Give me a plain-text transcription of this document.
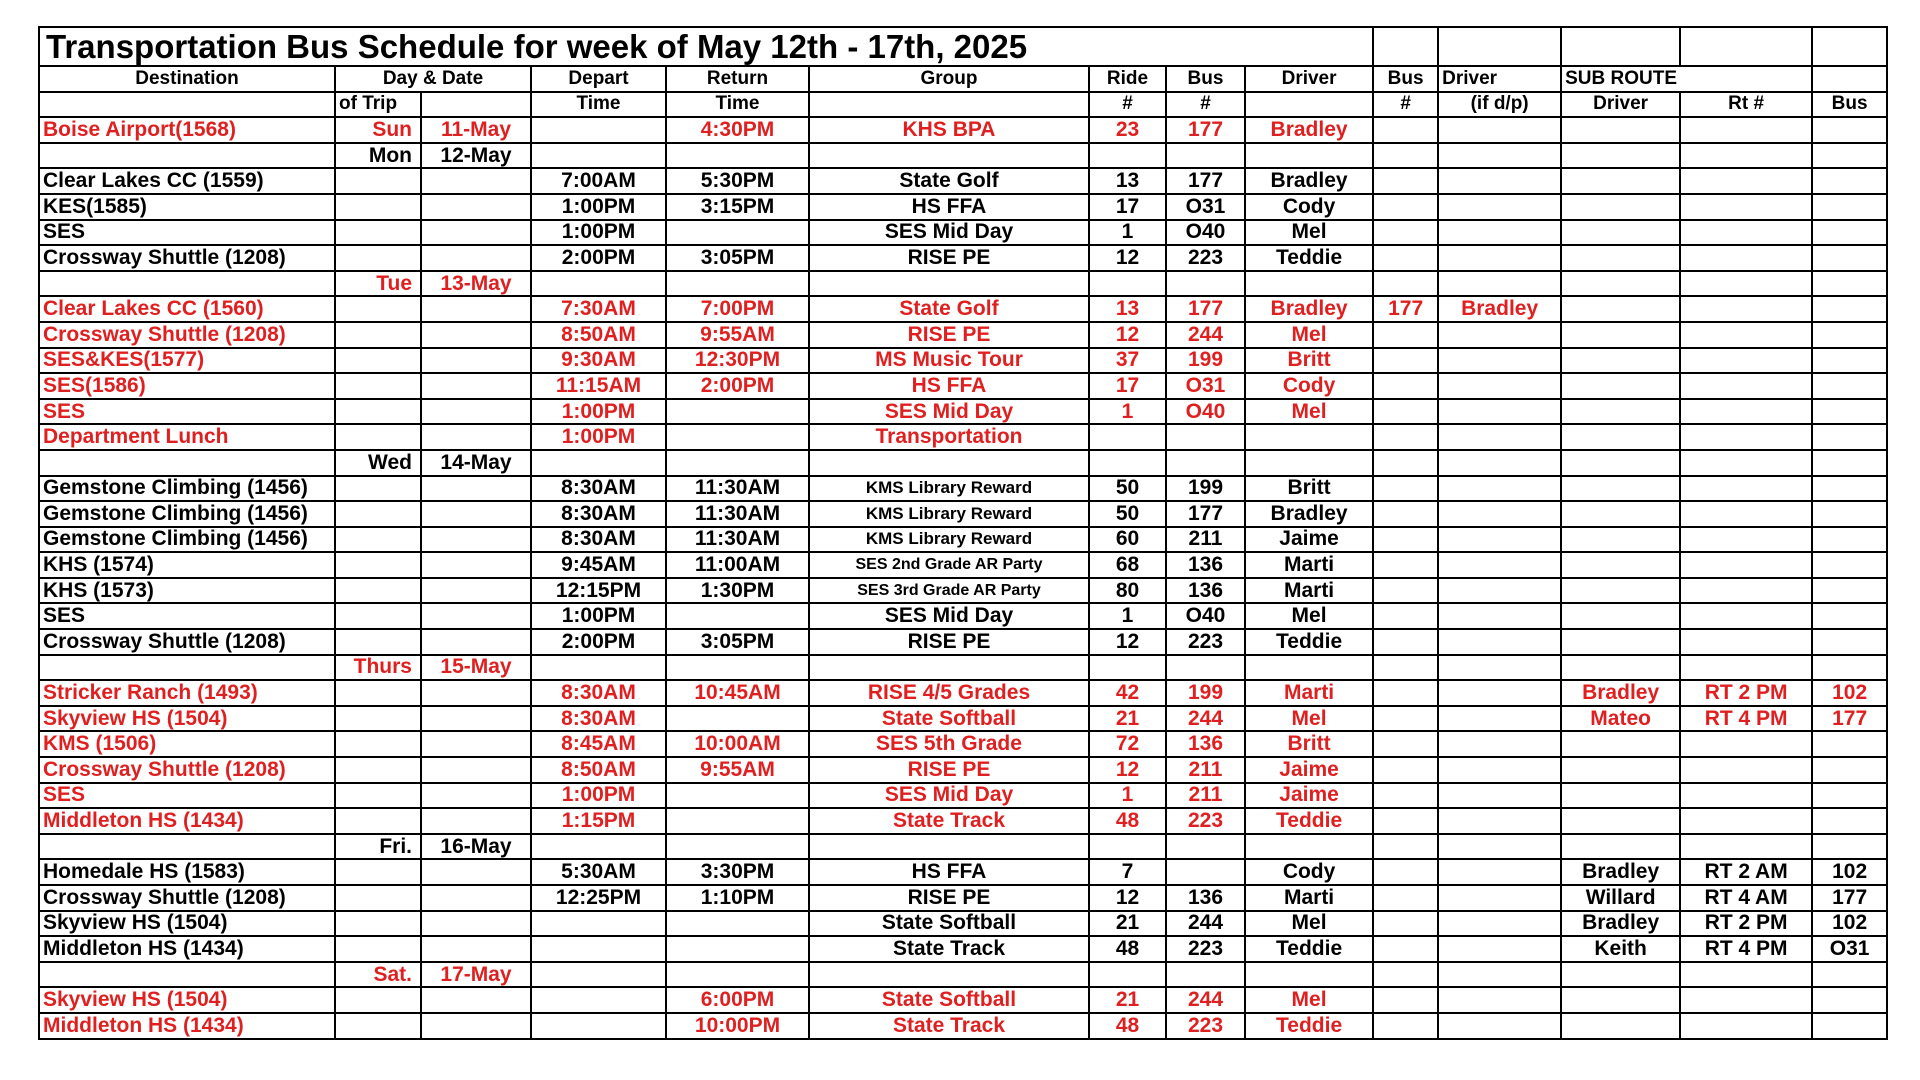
Transportation Bus Schedule for week of May 12th - 17th, 2025													
Destination	Day & Date		Depart	Return	Group	Ride	Bus	Driver	Bus	Driver	SUB ROUTE		
	of Trip		Time	Time		#	#		#	(if d/p)	Driver	Rt #	Bus
Boise Airport(1568)	Sun	11-May		4:30PM	KHS BPA	23	177	Bradley					
	Mon	12-May											
Clear Lakes CC (1559)			7:00AM	5:30PM	State Golf	13	177	Bradley					
KES(1585)			1:00PM	3:15PM	HS FFA	17	O31	Cody					
SES			1:00PM		SES Mid Day	1	O40	Mel					
Crossway Shuttle (1208)			2:00PM	3:05PM	RISE PE	12	223	Teddie					
	Tue	13-May											
Clear Lakes CC (1560)			7:30AM	7:00PM	State Golf	13	177	Bradley	177	Bradley			
Crossway Shuttle (1208)			8:50AM	9:55AM	RISE PE	12	244	Mel					
SES&KES(1577)			9:30AM	12:30PM	MS Music Tour	37	199	Britt					
SES(1586)			11:15AM	2:00PM	HS FFA	17	O31	Cody					
SES			1:00PM		SES Mid Day	1	O40	Mel					
Department Lunch			1:00PM		Transportation								
	Wed	14-May											
Gemstone Climbing (1456)			8:30AM	11:30AM	KMS Library Reward	50	199	Britt					
Gemstone Climbing (1456)			8:30AM	11:30AM	KMS Library Reward	50	177	Bradley					
Gemstone Climbing (1456)			8:30AM	11:30AM	KMS Library Reward	60	211	Jaime					
KHS (1574)			9:45AM	11:00AM	SES 2nd Grade AR Party	68	136	Marti					
KHS (1573)			12:15PM	1:30PM	SES 3rd Grade AR Party	80	136	Marti					
SES			1:00PM		SES Mid Day	1	O40	Mel					
Crossway Shuttle (1208)			2:00PM	3:05PM	RISE PE	12	223	Teddie					
	Thurs	15-May											
Stricker Ranch (1493)			8:30AM	10:45AM	RISE 4/5 Grades	42	199	Marti			Bradley	RT 2 PM	102
Skyview HS (1504)			8:30AM		State Softball	21	244	Mel			Mateo	RT 4 PM	177
KMS (1506)			8:45AM	10:00AM	SES 5th Grade	72	136	Britt					
Crossway Shuttle (1208)			8:50AM	9:55AM	RISE PE	12	211	Jaime					
SES			1:00PM		SES Mid Day	1	211	Jaime					
Middleton HS (1434)			1:15PM		State Track	48	223	Teddie					
	Fri.	16-May											
Homedale HS (1583)			5:30AM	3:30PM	HS FFA	7		Cody			Bradley	RT 2 AM	102
Crossway Shuttle (1208)			12:25PM	1:10PM	RISE PE	12	136	Marti			Willard	RT 4 AM	177
Skyview HS (1504)					State Softball	21	244	Mel			Bradley	RT 2 PM	102
Middleton HS (1434)					State Track	48	223	Teddie			Keith	RT 4 PM	O31
	Sat.	17-May											
Skyview HS (1504)				6:00PM	State Softball	21	244	Mel					
Middleton HS (1434)				10:00PM	State Track	48	223	Teddie					
